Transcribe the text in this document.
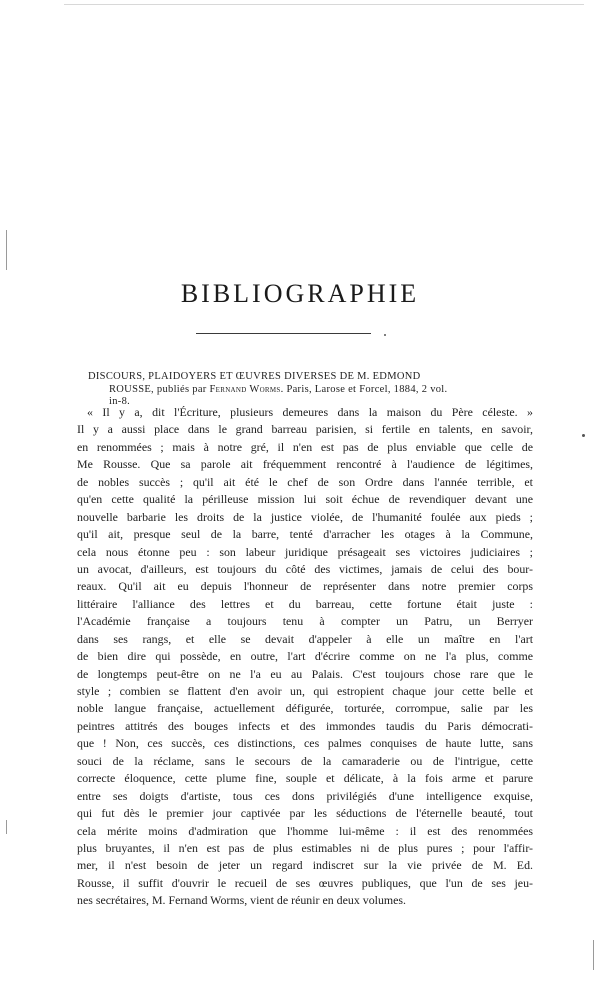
BIBLIOGRAPHIE
DISCOURS, PLAIDOYERS ET ŒUVRES DIVERSES DE M. EDMOND
ROUSSE, publiés par Fernand Worms. Paris, Larose et Forcel, 1884, 2 vol.
in-8.
« Il y a, dit l'Écriture, plusieurs demeures dans la maison du Père céleste. »
Il y a aussi place dans le grand barreau parisien, si fertile en talents, en savoir,
en renommées ; mais à notre gré, il n'en est pas de plus enviable que celle de
Me Rousse. Que sa parole ait fréquemment rencontré à l'audience de légitimes,
de nobles succès ; qu'il ait été le chef de son Ordre dans l'année terrible, et
qu'en cette qualité la périlleuse mission lui soit échue de revendiquer devant une
nouvelle barbarie les droits de la justice violée, de l'humanité foulée aux pieds ;
qu'il ait, presque seul de la barre, tenté d'arracher les otages à la Commune,
cela nous étonne peu : son labeur juridique présageait ses victoires judiciaires ;
un avocat, d'ailleurs, est toujours du côté des victimes, jamais de celui des bour-
reaux. Qu'il ait eu depuis l'honneur de représenter dans notre premier corps
littéraire l'alliance des lettres et du barreau, cette fortune était juste :
l'Académie française a toujours tenu à compter un Patru, un Berryer
dans ses rangs, et elle se devait d'appeler à elle un maître en l'art
de bien dire qui possède, en outre, l'art d'écrire comme on ne l'a plus, comme
de longtemps peut-être on ne l'a eu au Palais. C'est toujours chose rare que le
style ; combien se flattent d'en avoir un, qui estropient chaque jour cette belle et
noble langue française, actuellement défigurée, torturée, corrompue, salie par les
peintres attitrés des bouges infects et des immondes taudis du Paris démocrati-
que ! Non, ces succès, ces distinctions, ces palmes conquises de haute lutte, sans
souci de la réclame, sans le secours de la camaraderie ou de l'intrigue, cette
correcte éloquence, cette plume fine, souple et délicate, à la fois arme et parure
entre ses doigts d'artiste, tous ces dons privilégiés d'une intelligence exquise,
qui fut dès le premier jour captivée par les séductions de l'éternelle beauté, tout
cela mérite moins d'admiration que l'homme lui-même : il est des renommées
plus bruyantes, il n'en est pas de plus estimables ni de plus pures ; pour l'affir-
mer, il n'est besoin de jeter un regard indiscret sur la vie privée de M. Ed.
Rousse, il suffit d'ouvrir le recueil de ses œuvres publiques, que l'un de ses jeu-
nes secrétaires, M. Fernand Worms, vient de réunir en deux volumes.
